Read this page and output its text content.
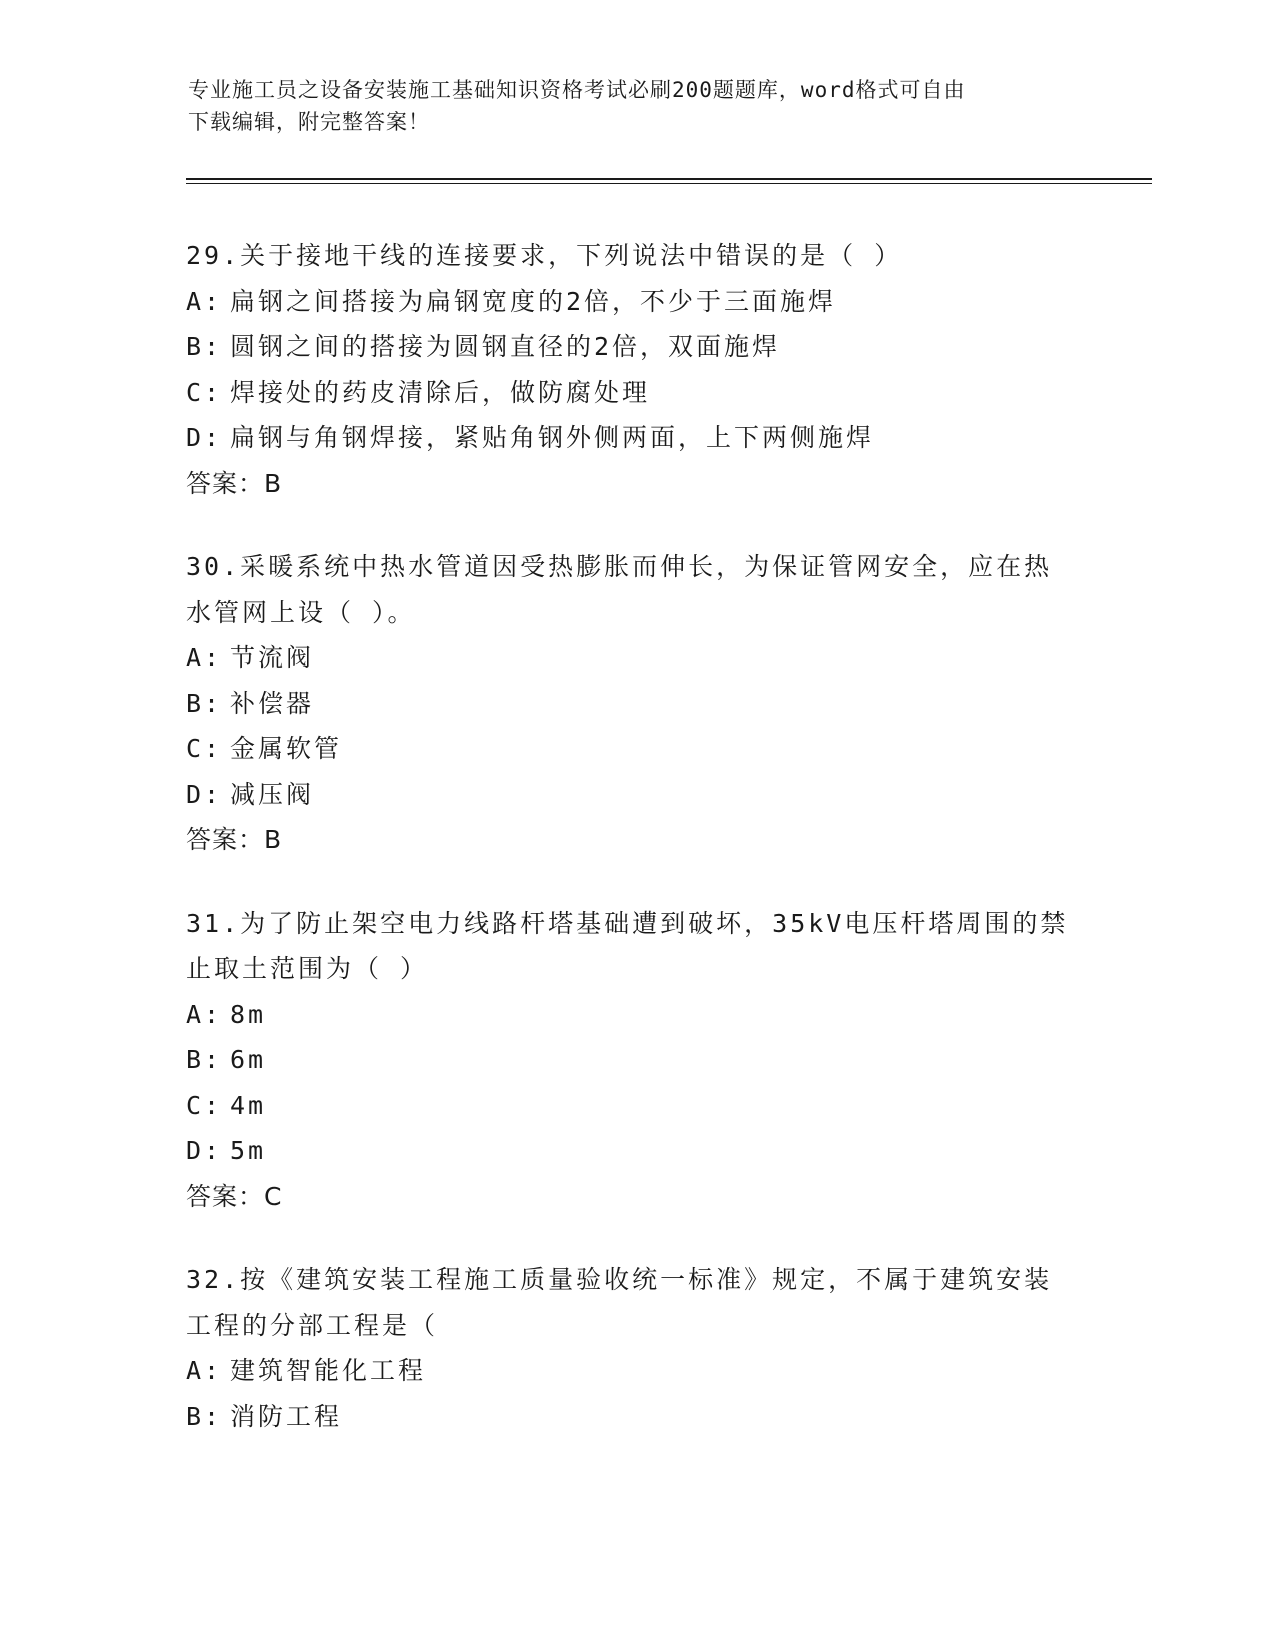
专业施工员之设备安装施工基础知识资格考试必刷200题题库，word格式可自由
下载编辑，附完整答案！

29.关于接地干线的连接要求，下列说法中错误的是（ ）

A: 扁钢之间搭接为扁钢宽度的2倍，不少于三面施焊

B: 圆钢之间的搭接为圆钢直径的2倍，双面施焊

C: 焊接处的药皮清除后，做防腐处理

D: 扁钢与角钢焊接，紧贴角钢外侧两面，上下两侧施焊

答案：B

30.采暖系统中热水管道因受热膨胀而伸长，为保证管网安全，应在热

水管网上设（ ）。

A: 节流阀

B: 补偿器

C: 金属软管

D: 减压阀

答案：B

31.为了防止架空电力线路杆塔基础遭到破坏，35kV电压杆塔周围的禁

止取土范围为（ ）

A: 8m

B: 6m

C: 4m

D: 5m

答案：C

32.按《建筑安装工程施工质量验收统一标准》规定，不属于建筑安装

工程的分部工程是（

A: 建筑智能化工程

B: 消防工程
